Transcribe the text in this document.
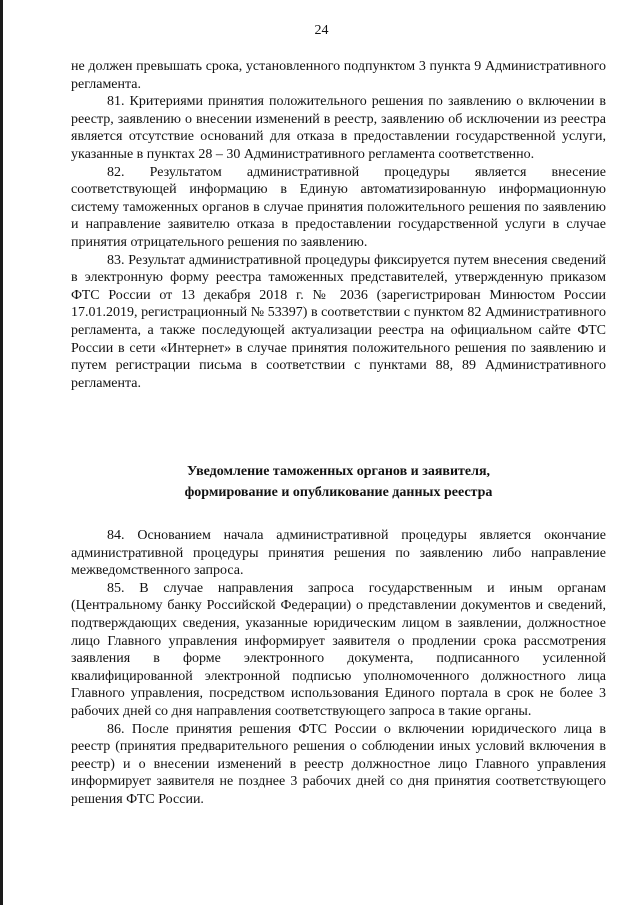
24

не должен превышать срока, установленного подпунктом 3 пункта 9 Административного регламента.

81. Критериями принятия положительного решения по заявлению о включении в реестр, заявлению о внесении изменений в реестр, заявлению об исключении из реестра является отсутствие оснований для отказа в предоставлении государственной услуги, указанные в пунктах 28 – 30 Административного регламента соответственно.

82. Результатом административной процедуры является внесение соответствующей информацию в Единую автоматизированную информационную систему таможенных органов в случае принятия положительного решения по заявлению и направление заявителю отказа в предоставлении государственной услуги в случае принятия отрицательного решения по заявлению.

83. Результат административной процедуры фиксируется путем внесения сведений в электронную форму реестра таможенных представителей, утвержденную приказом ФТС России от 13 декабря 2018 г. № 2036 (зарегистрирован Минюстом России 17.01.2019, регистрационный № 53397) в соответствии с пунктом 82 Административного регламента, а также последующей актуализации реестра на официальном сайте ФТС России в сети «Интернет» в случае принятия положительного решения по заявлению и путем регистрации письма в соответствии с пунктами 88, 89 Административного регламента.

Уведомление таможенных органов и заявителя,

формирование и опубликование данных реестра

84. Основанием начала административной процедуры является окончание административной процедуры принятия решения по заявлению либо направление межведомственного запроса.

85. В случае направления запроса государственным и иным органам (Центральному банку Российской Федерации) о представлении документов и сведений, подтверждающих сведения, указанные юридическим лицом в заявлении, должностное лицо Главного управления информирует заявителя о продлении срока рассмотрения заявления в форме электронного документа, подписанного усиленной квалифицированной электронной подписью уполномоченного должностного лица Главного управления, посредством использования Единого портала в срок не более 3 рабочих дней со дня направления соответствующего запроса в такие органы.

86. После принятия решения ФТС России о включении юридического лица в реестр (принятия предварительного решения о соблюдении иных условий включения в реестр) и о внесении изменений в реестр должностное лицо Главного управления информирует заявителя не позднее 3 рабочих дней со дня принятия соответствующего решения ФТС России.
